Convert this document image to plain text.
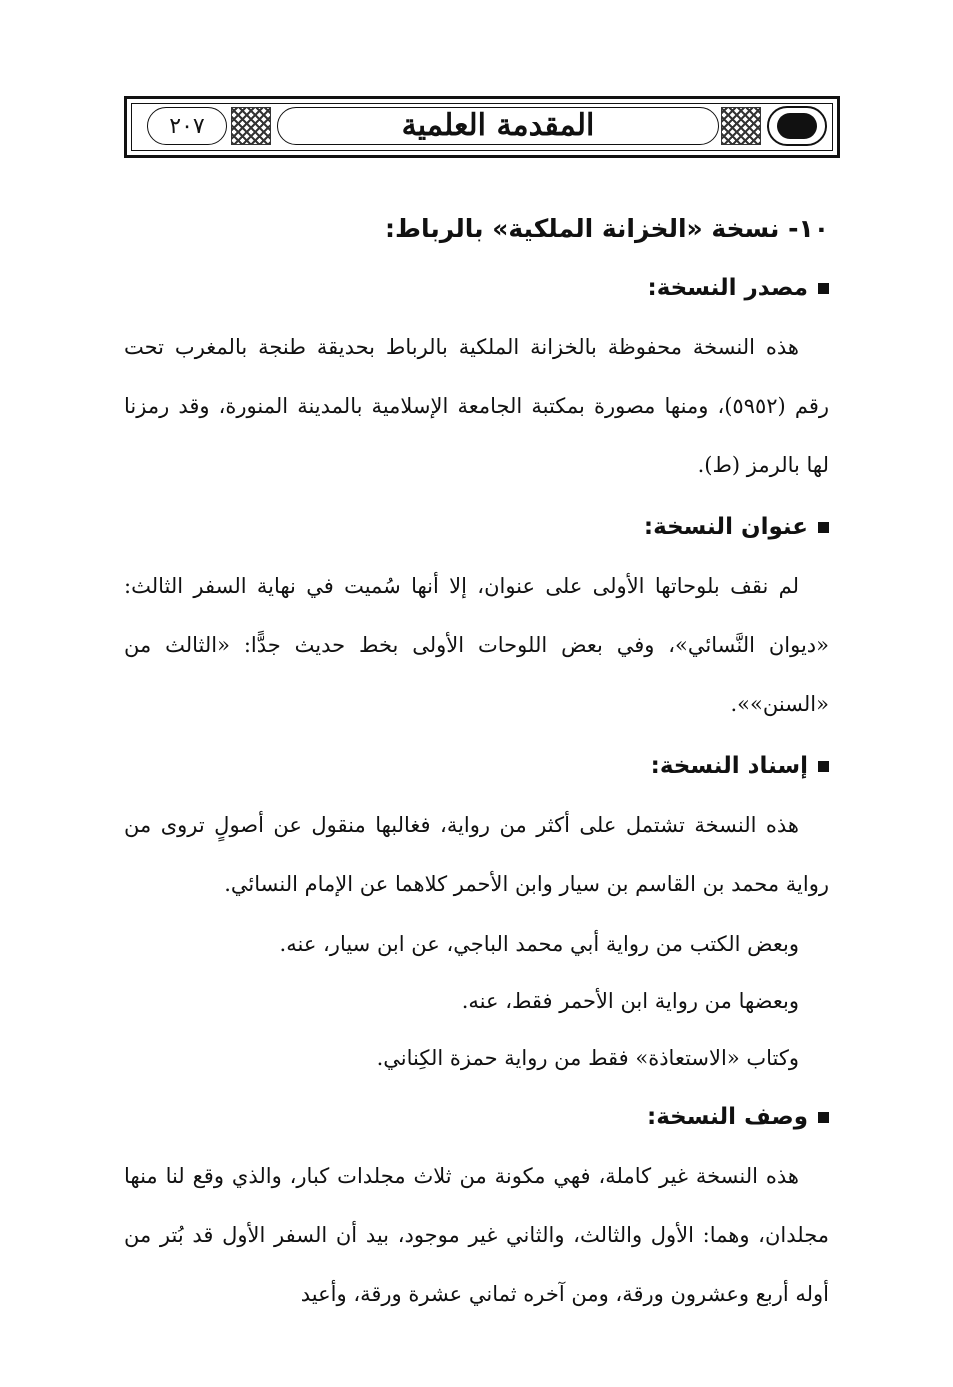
المقدمة العلمية
٢٠٧
١٠- نسخة «الخزانة الملكية» بالرباط:
مصدر النسخة:

هذه النسخة محفوظة بالخزانة الملكية بالرباط بحديقة طنجة بالمغرب تحت رقم (٥٩٥٢)، ومنها مصورة بمكتبة الجامعة الإسلامية بالمدينة المنورة، وقد رمزنا لها بالرمز (ط).

عنوان النسخة:

لم نقف بلوحاتها الأولى على عنوان، إلا أنها سُميت في نهاية السفر الثالث: «ديوان النَّسائي»، وفي بعض اللوحات الأولى بخط حديث جدًّا: «الثالث من «السنن»».

إسناد النسخة:

هذه النسخة تشتمل على أكثر من رواية، فغالبها منقول عن أصولٍ تروى من رواية محمد بن القاسم بن سيار وابن الأحمر كلاهما عن الإمام النسائي.

وبعض الكتب من رواية أبي محمد الباجي، عن ابن سيار، عنه.
وبعضها من رواية ابن الأحمر فقط، عنه.
وكتاب «الاستعاذة» فقط من رواية حمزة الكِناني.
وصف النسخة:

هذه النسخة غير كاملة، فهي مكونة من ثلاث مجلدات كبار، والذي وقع لنا منها مجلدان، وهما: الأول والثالث، والثاني غير موجود، بيد أن السفر الأول قد بُتر من أوله أربع وعشرون ورقة، ومن آخره ثماني عشرة ورقة، وأعيد
